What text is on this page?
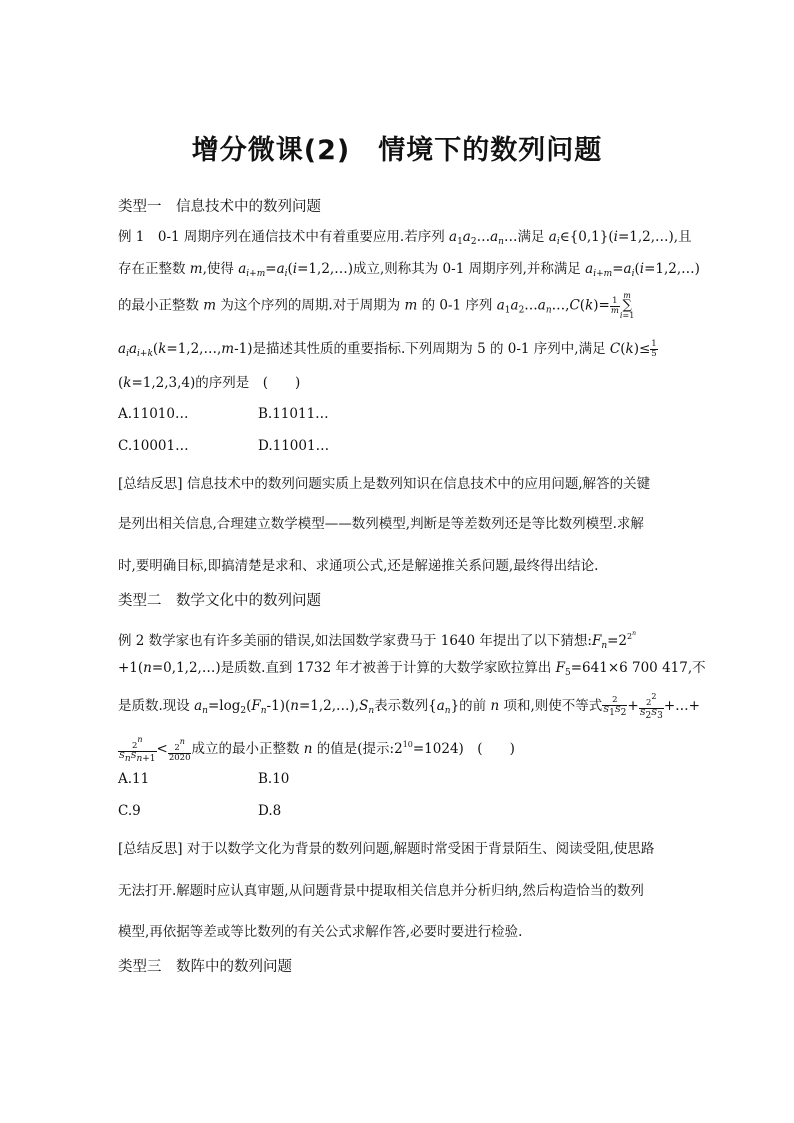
增分微课(2)　情境下的数列问题
类型一　信息技术中的数列问题
例 1　0-1 周期序列在通信技术中有着重要应用.若序列 $a_1a_2\dots a_n\dots$满足 $a_i\in\{0,1\}(i=1,2,\dots)$,且
存在正整数 m,使得 $a_{i+m}=a_i(i=1,2,\dots)$成立,则称其为 0-1 周期序列,并称满足 $a_{i+m}=a_i(i=1,2,\dots)$
的最小正整数 m 为这个序列的周期.对于周期为 m 的 0-1 序列 $a_1a_2\dots a_n\dots,C(k)= \frac{1}{m}$
m
∑
i=1
$a_ia_{i+k}(k=1,2,\dots,m-1)$是描述其性质的重要指标.下列周期为 5 的 0-1 序列中,满足 $C(k)\le \frac{1}{5}$
(k=1,2,3,4)的序列是　(　　)
A.11010…	B.11011…
C.10001…	D.11001…
[总结反思] 信息技术中的数列问题实质上是数列知识在信息技术中的应用问题,解答的关键
是列出相关信息,合理建立数学模型——数列模型,判断是等差数列还是等比数列模型.求解
时,要明确目标,即搞清楚是求和、求通项公式,还是解递推关系问题,最终得出结论.
类型二　数学文化中的数列问题
例 2 数学家也有许多美丽的错误,如法国数学家费马于 1640 年提出了以下猜想$:F_n=2^{2^n}$
+1(n=0,1,2,…)是质数.直到 1732 年才被善于计算的大数学家欧拉算出 $F_5=641\times 6$ 700 417,不
是质数.现设 $a_n=\log_2(F_n-1)(n=1,2,\dots),S_n$表示数列$\{a_n\}$的前 n 项和,则使不等式 $\frac{2}{S_1S_2} + \frac{2^2}{S_2S_3}$ +…+
$\frac{2^n}{S_nS_{n+1}} < \frac{2^n}{2020}$ 成立的最小正整数 n 的值是(提示$:2^{10}=1024$)　(　　)
A.11	B.10
C.9	D.8
[总结反思] 对于以数学文化为背景的数列问题,解题时常受困于背景陌生、阅读受阻,使思路
无法打开.解题时应认真审题,从问题背景中提取相关信息并分析归纳,然后构造恰当的数列
模型,再依据等差或等比数列的有关公式求解作答,必要时要进行检验.
类型三　数阵中的数列问题
